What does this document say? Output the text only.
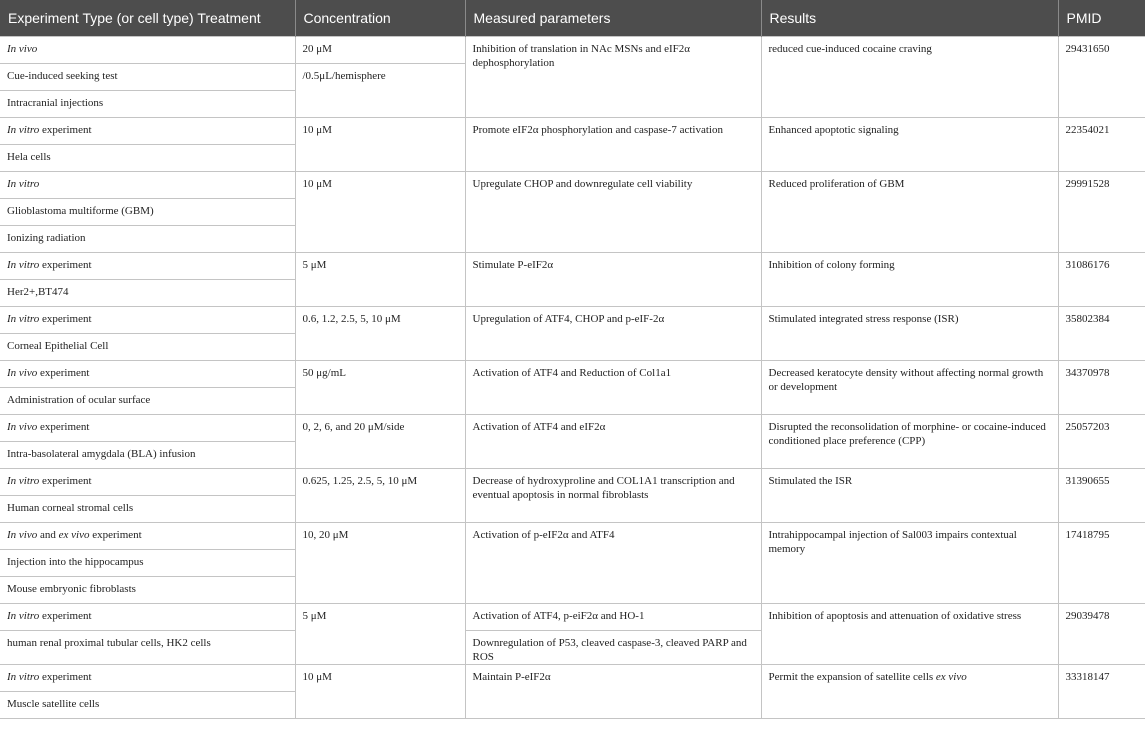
Experiment Type (or cell type) Treatment	Concentration	Measured parameters	Results	PMID
In vivo	20 μM	Inhibition of translation in NAc MSNs and eIF2α dephosphorylation	reduced cue-induced cocaine craving	29431650
Cue-induced seeking test	/0.5μL/hemisphere			
Intracranial injections				
In vitro experiment	10 μM	Promote eIF2α phosphorylation and caspase-7 activation	Enhanced apoptotic signaling	22354021
Hela cells				
In vitro	10 μM	Upregulate CHOP and downregulate cell viability	Reduced proliferation of GBM	29991528
Glioblastoma multiforme (GBM)				
Ionizing radiation				
In vitro experiment	5 μM	Stimulate P-eIF2α	Inhibition of colony forming	31086176
Her2+,BT474				
In vitro experiment	0.6, 1.2, 2.5, 5, 10 μM	Upregulation of ATF4, CHOP and p-eIF-2α	Stimulated integrated stress response (ISR)	35802384
Corneal Epithelial Cell				
In vivo experiment	50 μg/mL	Activation of ATF4 and Reduction of Col1a1	Decreased keratocyte density without affecting normal growth or development	34370978
Administration of ocular surface				
In vivo experiment	0, 2, 6, and 20 μM/side	Activation of ATF4 and eIF2α	Disrupted the reconsolidation of morphine- or cocaine-induced conditioned place preference (CPP)	25057203
Intra-basolateral amygdala (BLA) infusion				
In vitro experiment	0.625, 1.25, 2.5, 5, 10 μM	Decrease of hydroxyproline and COL1A1 transcription and eventual apoptosis in normal fibroblasts	Stimulated the ISR	31390655
Human corneal stromal cells				
In vivo and ex vivo experiment	10, 20 μM	Activation of p-eIF2α and ATF4	Intrahippocampal injection of Sal003 impairs contextual memory	17418795
Injection into the hippocampus				
Mouse embryonic fibroblasts				
In vitro experiment	5 μM	Activation of ATF4, p-eiF2α and HO-1	Inhibition of apoptosis and attenuation of oxidative stress	29039478
human renal proximal tubular cells, HK2 cells		Downregulation of P53, cleaved caspase-3, cleaved PARP and ROS		
In vitro experiment	10 μM	Maintain P-eIF2α	Permit the expansion of satellite cells ex vivo	33318147
Muscle satellite cells				
